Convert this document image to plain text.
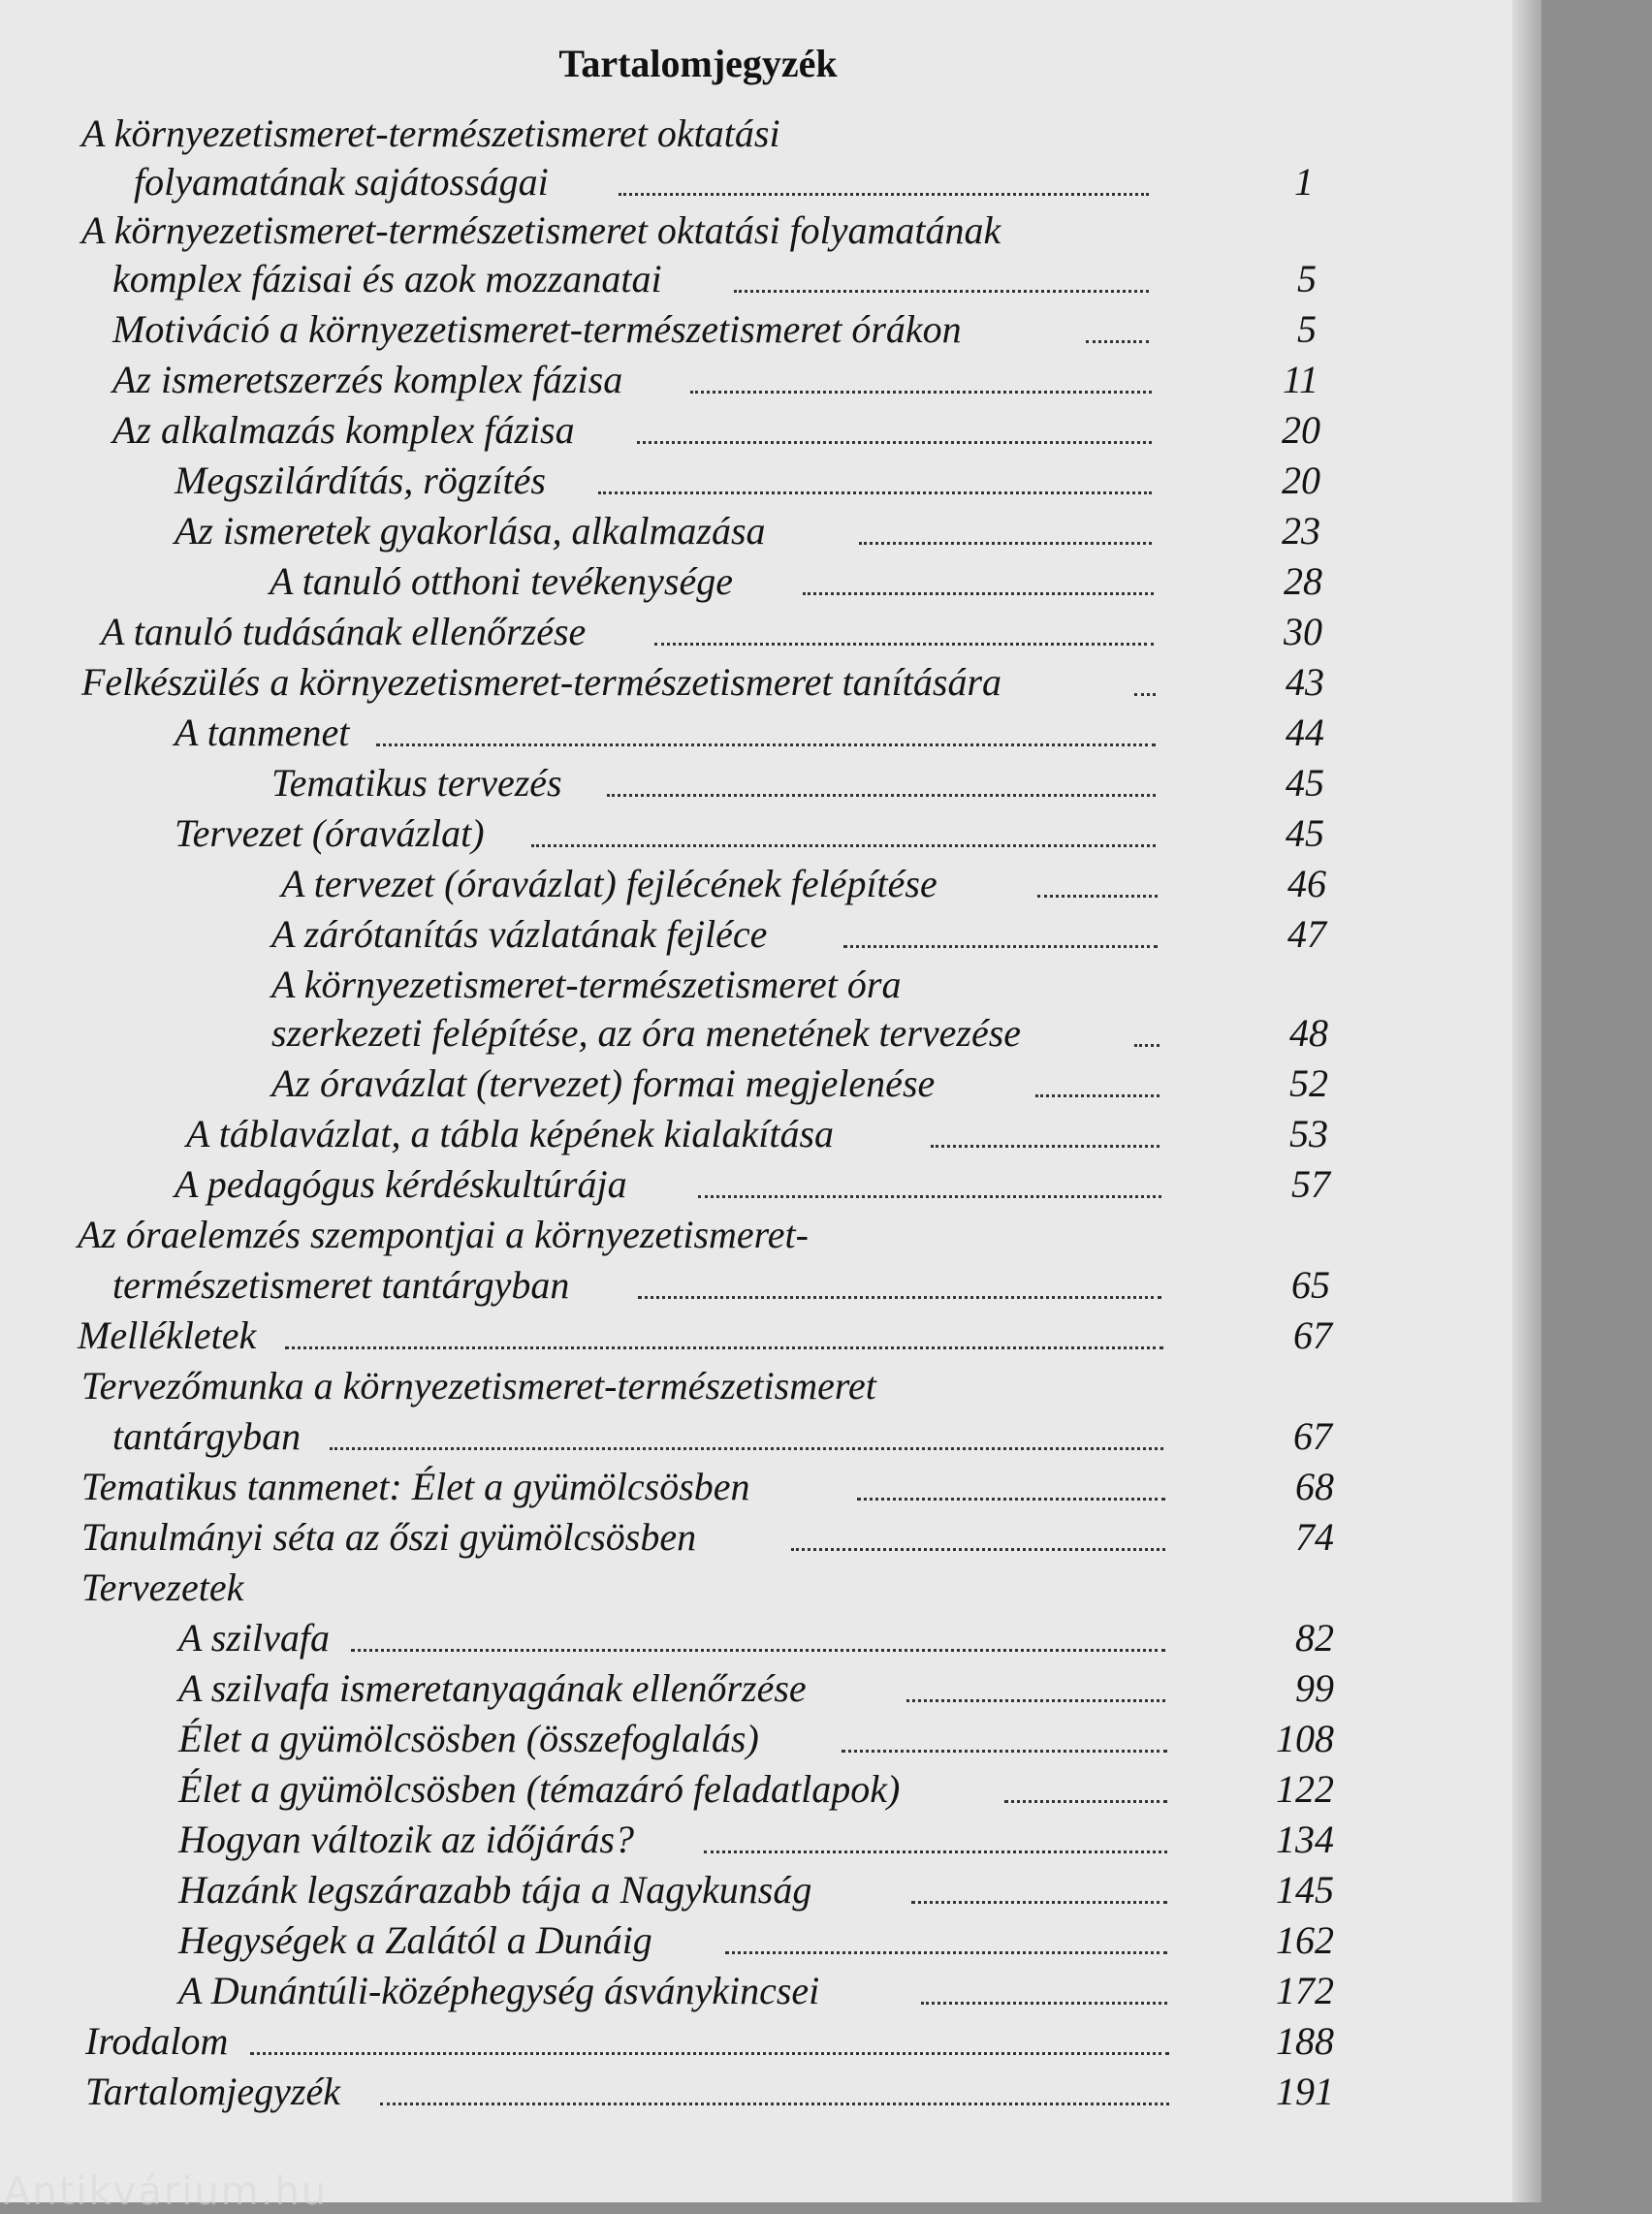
Tartalomjegyzék
A környezetismeret-természetismeret oktatási
folyamatának sajátosságai	1
A környezetismeret-természetismeret oktatási folyamatának
komplex fázisai és azok mozzanatai	5
Motiváció a környezetismeret-természetismeret órákon	5
Az ismeretszerzés komplex fázisa	11
Az alkalmazás komplex fázisa	20
Megszilárdítás, rögzítés	20
Az ismeretek gyakorlása, alkalmazása	23
A tanuló otthoni tevékenysége	28
A tanuló tudásának ellenőrzése	30
Felkészülés a környezetismeret-természetismeret tanítására	43
A tanmenet	44
Tematikus tervezés	45
Tervezet (óravázlat)	45
A tervezet (óravázlat) fejlécének felépítése	46
A zárótanítás vázlatának fejléce	47
A környezetismeret-természetismeret óra
szerkezeti felépítése, az óra menetének tervezése	48
Az óravázlat (tervezet) formai megjelenése	52
A táblavázlat, a tábla képének kialakítása	53
A pedagógus kérdéskultúrája	57
Az óraelemzés szempontjai a környezetismeret-
természetismeret tantárgyban	65
Mellékletek	67
Tervezőmunka a környezetismeret-természetismeret
tantárgyban	67
Tematikus tanmenet: Élet a gyümölcsösben	68
Tanulmányi séta az őszi gyümölcsösben	74
Tervezetek
A szilvafa	82
A szilvafa ismeretanyagának ellenőrzése	99
Élet a gyümölcsösben (összefoglalás)	108
Élet a gyümölcsösben (témazáró feladatlapok)	122
Hogyan változik az időjárás?	134
Hazánk legszárazabb tája a Nagykunság	145
Hegységek a Zalától a Dunáig	162
A Dunántúli-középhegység ásványkincsei	172
Irodalom	188
Tartalomjegyzék	191
Antikvárium.hu
